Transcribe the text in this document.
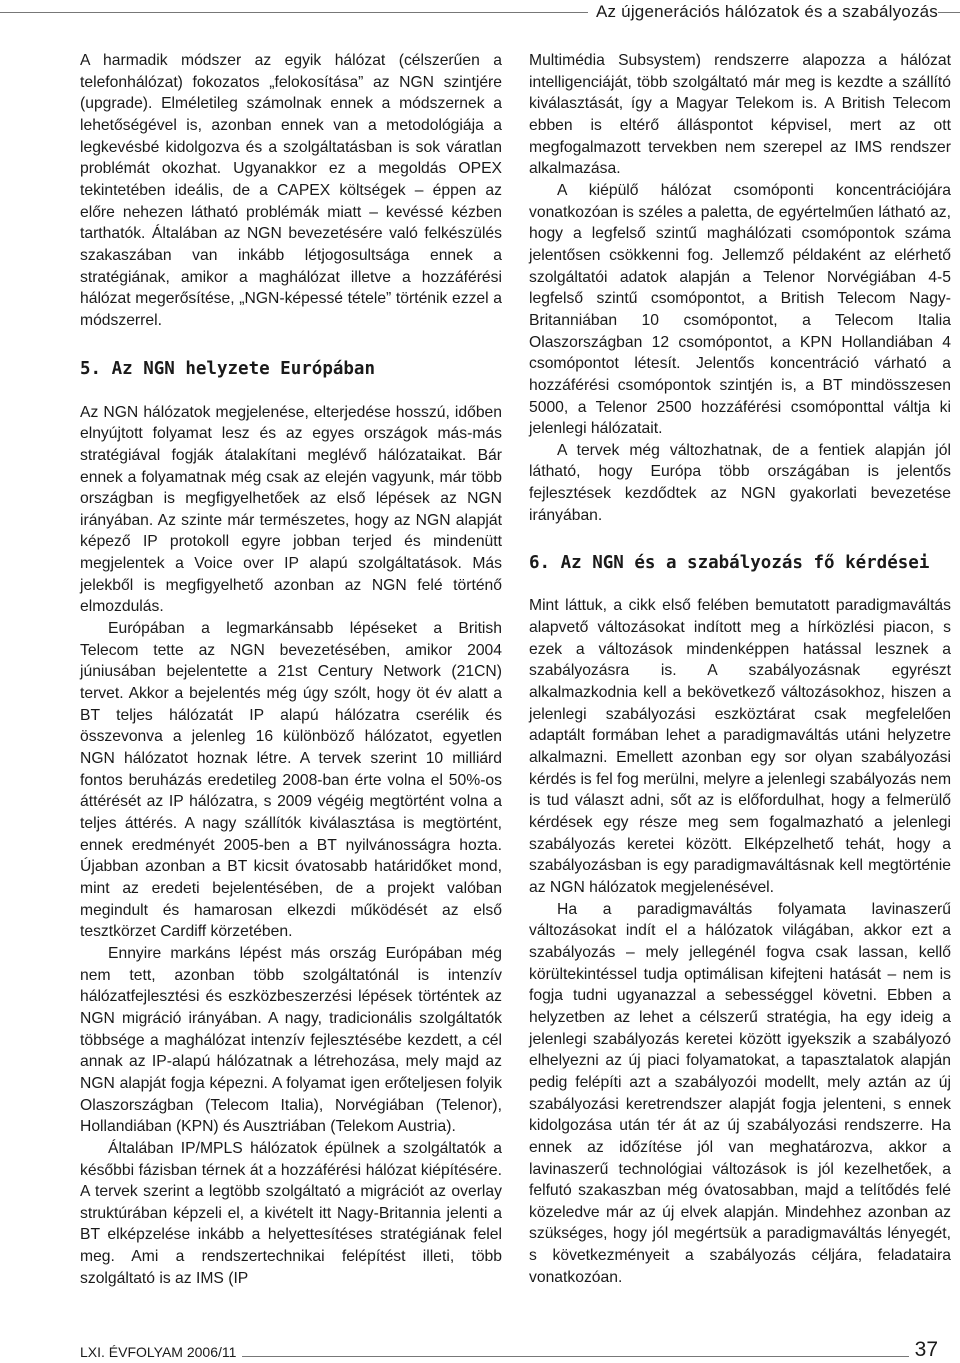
Az újgenerációs hálózatok és a szabályozás

A harmadik módszer az egyik hálózat (célszerűen a telefonhálózat) fokozatos „felokosítása” az NGN szintjére (upgrade). Elméletileg számolnak ennek a módszernek a lehetőségével is, azonban ennek van a metodológiája a legkevésbé kidolgozva és a szolgáltatásban is sok váratlan problémát okozhat. Ugyanakkor ez a megoldás OPEX tekintetében ideális, de a CAPEX költségek – éppen az előre nehezen látható problémák miatt – kevéssé kézben tarthatók. Általában az NGN bevezetésére való felkészülés szakaszában van inkább létjogosultsága ennek a stratégiának, amikor a maghálózat illetve a hozzáférési hálózat megerősítése, „NGN-képessé tétele” történik ezzel a módszerrel.

5. Az NGN helyzete Európában

Az NGN hálózatok megjelenése, elterjedése hosszú, időben elnyújtott folyamat lesz és az egyes országok más-más stratégiával fogják átalakítani meglévő hálózataikat. Bár ennek a folyamatnak még csak az elején vagyunk, már több országban is megfigyelhetőek az első lépések az NGN irányában. Az szinte már természetes, hogy az NGN alapját képező IP protokoll egyre jobban terjed és mindenütt megjelentek a Voice over IP alapú szolgáltatások. Más jelekből is megfigyelhető azonban az NGN felé történő elmozdulás.

Európában a legmarkánsabb lépéseket a British Telecom tette az NGN bevezetésében, amikor 2004 júniusában bejelentette a 21st Century Network (21CN) tervet. Akkor a bejelentés még úgy szólt, hogy öt év alatt a BT teljes hálózatát IP alapú hálózatra cserélik és összevonva a jelenleg 16 különböző hálózatot, egyetlen NGN hálózatot hoznak létre. A tervek szerint 10 milliárd fontos beruházás eredetileg 2008-ban érte volna el 50%-os áttérését az IP hálózatra, s 2009 végéig megtörtént volna a teljes áttérés. A nagy szállítók kiválasztása is megtörtént, ennek eredményét 2005-ben a BT nyilvánosságra hozta. Újabban azonban a BT kicsit óvatosabb határidőket mond, mint az eredeti bejelentésében, de a projekt valóban megindult és hamarosan elkezdi működését az első tesztkörzet Cardiff körzetében.

Ennyire markáns lépést más ország Európában még nem tett, azonban több szolgáltatónál is intenzív hálózatfejlesztési és eszközbeszerzési lépések történtek az NGN migráció irányában. A nagy, tradicionális szolgáltatók többsége a maghálózat intenzív fejlesztésébe kezdett, a cél annak az IP-alapú hálózatnak a létrehozása, mely majd az NGN alapját fogja képezni. A folyamat igen erőteljesen folyik Olaszországban (Telecom Italia), Norvégiában (Telenor), Hollandiában (KPN) és Ausztriában (Telekom Austria).

Általában IP/MPLS hálózatok épülnek a szolgáltatók a későbbi fázisban térnek át a hozzáférési hálózat kiépítésére. A tervek szerint a legtöbb szolgáltató a migrációt az overlay struktúrában képzeli el, a kivételt itt Nagy-Britannia jelenti a BT elképzelése inkább a helyettesítéses stratégiának felel meg. Ami a rendszertechnikai felépítést illeti, több szolgáltató is az IMS (IP

Multimédia Subsystem) rendszerre alapozza a hálózat intelligenciáját, több szolgáltató már meg is kezdte a szállító kiválasztását, így a Magyar Telekom is. A British Telecom ebben is eltérő álláspontot képvisel, mert az ott megfogalmazott tervekben nem szerepel az IMS rendszer alkalmazása.

A kiépülő hálózat csomóponti koncentrációjára vonatkozóan is széles a paletta, de egyértelműen látható az, hogy a legfelső szintű maghálózati csomópontok száma jelentősen csökkenni fog. Jellemző példaként az elérhető szolgáltatói adatok alapján a Telenor Norvégiában 4-5 legfelső szintű csomópontot, a British Telecom Nagy-Britanniában 10 csomópontot, a Telecom Italia Olaszországban 12 csomópontot, a KPN Hollandiában 4 csomópontot létesít. Jelentős koncentráció várható a hozzáférési csomópontok szintjén is, a BT mindösszesen 5000, a Telenor 2500 hozzáférési csomóponttal váltja ki jelenlegi hálózatait.

A tervek még változhatnak, de a fentiek alapján jól látható, hogy Európa több országában is jelentős fejlesztések kezdődtek az NGN gyakorlati bevezetése irányában.

6. Az NGN és a szabályozás fő kérdései

Mint láttuk, a cikk első felében bemutatott paradigmaváltás alapvető változásokat indított meg a hírközlési piacon, s ezek a változások mindenképpen hatással lesznek a szabályozásra is. A szabályozásnak egyrészt alkalmazkodnia kell a bekövetkező változásokhoz, hiszen a jelenlegi szabályozási eszköztárat csak megfelelően adaptált formában lehet a paradigmaváltás utáni helyzetre alkalmazni. Emellett azonban egy sor olyan szabályozási kérdés is fel fog merülni, melyre a jelenlegi szabályozás nem is tud választ adni, sőt az is előfordulhat, hogy a felmerülő kérdések egy része meg sem fogalmazható a jelenlegi szabályozás keretei között. Elképzelhető tehát, hogy a szabályozásban is egy paradigmaváltásnak kell megtörténie az NGN hálózatok megjelenésével.

Ha a paradigmaváltás folyamata lavinaszerű változásokat indít el a hálózatok világában, akkor ezt a szabályozás – mely jellegénél fogva csak lassan, kellő körültekintéssel tudja optimálisan kifejteni hatását – nem is fogja tudni ugyanazzal a sebességgel követni. Ebben a helyzetben az lehet a célszerű stratégia, ha egy ideig a jelenlegi szabályozás keretei között igyekszik a szabályozó elhelyezni az új piaci folyamatokat, a tapasztalatok alapján pedig felépíti azt a szabályozói modellt, mely aztán az új szabályozási keretrendszer alapját fogja jelenteni, s ennek kidolgozása után tér át az új szabályozási rendszerre. Ha ennek az időzítése jól van meghatározva, akkor a lavinaszerű technológiai változások is jól kezelhetőek, a felfutó szakaszban még óvatosabban, majd a telítődés felé közeledve már az új elvek alapján. Mindehhez azonban az szükséges, hogy jól megértsük a paradigmaváltás lényegét, s következményeit a szabályozás céljára, feladataira vonatkozóan.

LXI. ÉVFOLYAM 2006/11	37
